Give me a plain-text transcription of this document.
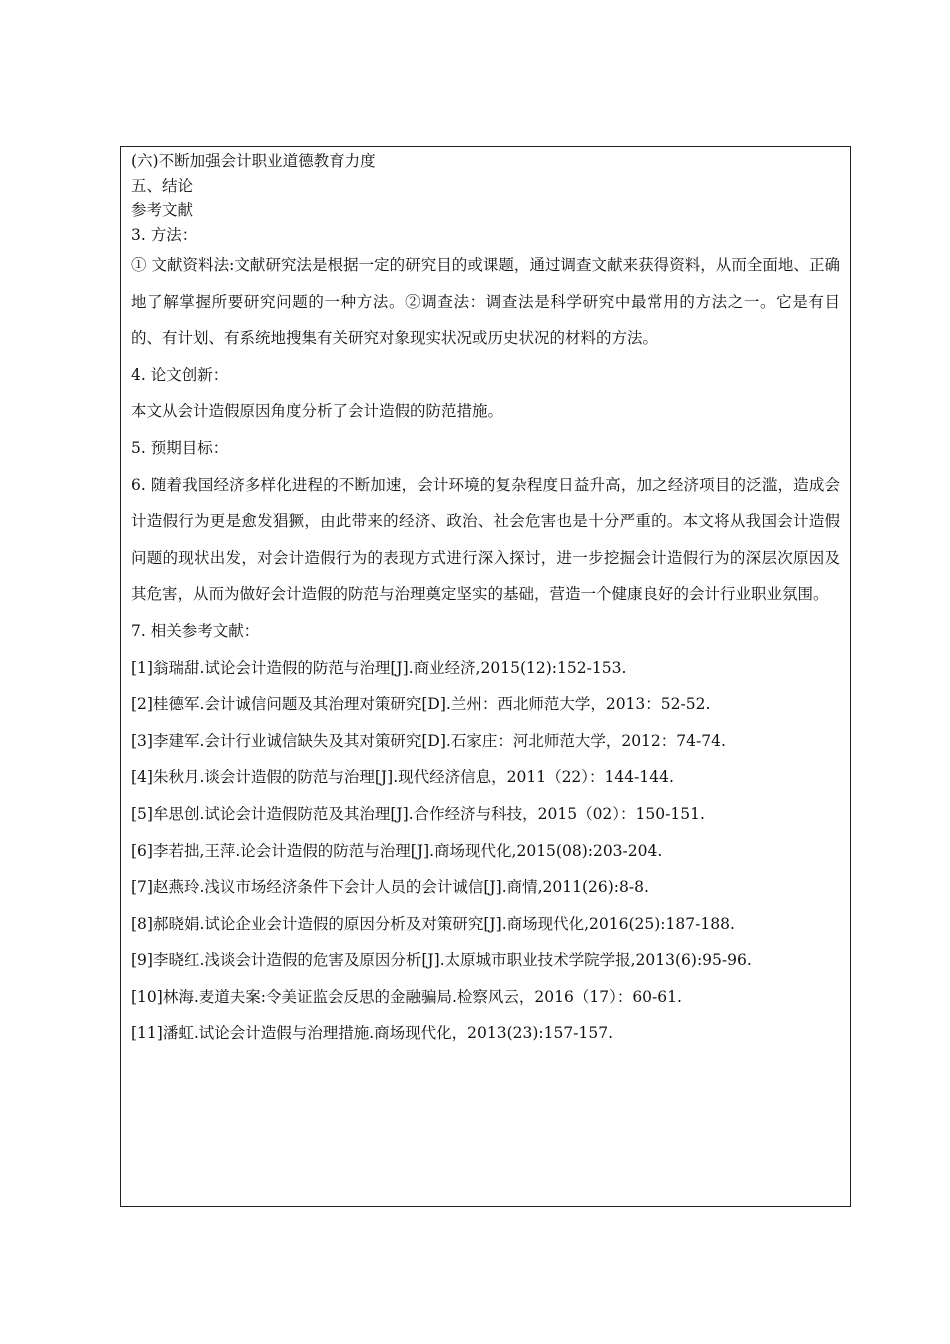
(六)不断加强会计职业道德教育力度
五、结论
参考文献
3. 方法：
① 文献资料法:文献研究法是根据一定的研究目的或课题，通过调查文献来获得资料，从而全面地、正确地了解掌握所要研究问题的一种方法。②调查法：调查法是科学研究中最常用的方法之一。它是有目的、有计划、有系统地搜集有关研究对象现实状况或历史状况的材料的方法。
4. 论文创新：
本文从会计造假原因角度分析了会计造假的防范措施。
5. 预期目标：
6. 随着我国经济多样化进程的不断加速，会计环境的复杂程度日益升高，加之经济项目的泛滥，造成会计造假行为更是愈发猖獗，由此带来的经济、政治、社会危害也是十分严重的。本文将从我国会计造假问题的现状出发，对会计造假行为的表现方式进行深入探讨，进一步挖掘会计造假行为的深层次原因及其危害，从而为做好会计造假的防范与治理奠定坚实的基础，营造一个健康良好的会计行业职业氛围。
7. 相关参考文献：
[1]翁瑞甜.试论会计造假的防范与治理[J].商业经济,2015(12):152-153.
[2]桂德军.会计诚信问题及其治理对策研究[D].兰州：西北师范大学，2013：52-52.
[3]李建军.会计行业诚信缺失及其对策研究[D].石家庄：河北师范大学，2012：74-74.
[4]朱秋月.谈会计造假的防范与治理[J].现代经济信息，2011（22）：144-144.
[5]牟思创.试论会计造假防范及其治理[J].合作经济与科技，2015（02）：150-151.
[6]李若拙,王萍.论会计造假的防范与治理[J].商场现代化,2015(08):203-204.
[7]赵燕玲.浅议市场经济条件下会计人员的会计诚信[J].商情,2011(26):8-8.
[8]郝晓娟.试论企业会计造假的原因分析及对策研究[J].商场现代化,2016(25):187-188.
[9]李晓红.浅谈会计造假的危害及原因分析[J].太原城市职业技术学院学报,2013(6):95-96.
[10]林海.麦道夫案:令美证监会反思的金融骗局.检察风云，2016（17）：60-61.
[11]潘虹.试论会计造假与治理措施.商场现代化，2013(23):157-157.
